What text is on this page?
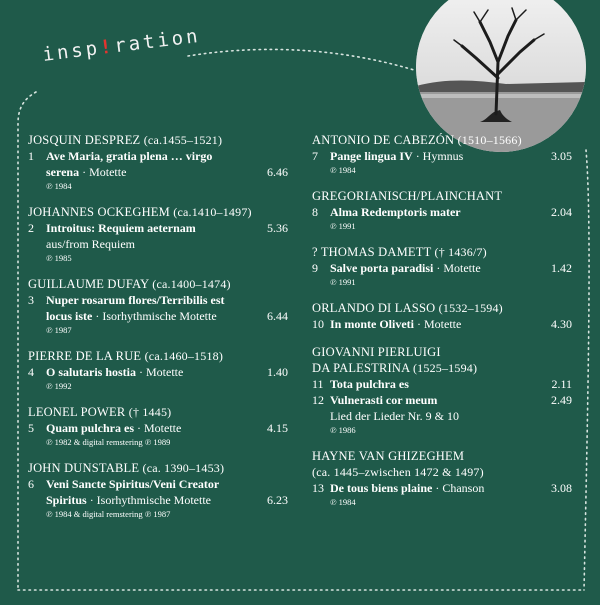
insp!ration
JOSQUIN DESPREZ (ca.1455–1521)
1	Ave Maria, gratia plena … virgo
serena · Motette	6.46
℗ 1984
JOHANNES OCKEGHEM (ca.1410–1497)
2	Introitus: Requiem aeternam	5.36
aus/from Requiem
℗ 1985
GUILLAUME DUFAY (ca.1400–1474)
3	Nuper rosarum flores/Terribilis est
locus iste · Isorhythmische Motette	6.44
℗ 1987
PIERRE DE LA RUE (ca.1460–1518)
4	O salutaris hostia · Motette	1.40
℗ 1992
LEONEL POWER († 1445)
5	Quam pulchra es · Motette	4.15
℗ 1982 & digital remstering ℗ 1989
JOHN DUNSTABLE (ca. 1390–1453)
6	Veni Sancte Spiritus/Veni Creator
Spiritus · Isorhythmische Motette	6.23
℗ 1984 & digital remstering ℗ 1987
ANTONIO DE CABEZÓN (1510–1566)
7	Pange lingua IV · Hymnus	3.05
℗ 1984
GREGORIANISCH/PLAINCHANT
8	Alma Redemptoris mater	2.04
℗ 1991
? THOMAS DAMETT († 1436/7)
9	Salve porta paradisi · Motette	1.42
℗ 1991
ORLANDO DI LASSO (1532–1594)
10 In monte Oliveti · Motette	4.30
GIOVANNI PIERLUIGI
DA PALESTRINA (1525–1594)
11 Tota pulchra es	2.11
12 Vulnerasti cor meum	2.49
Lied der Lieder Nr. 9 & 10
℗ 1986
HAYNE VAN GHIZEGHEM
(ca. 1445–zwischen 1472 & 1497)
13 De tous biens plaine · Chanson	3.08
℗ 1984
